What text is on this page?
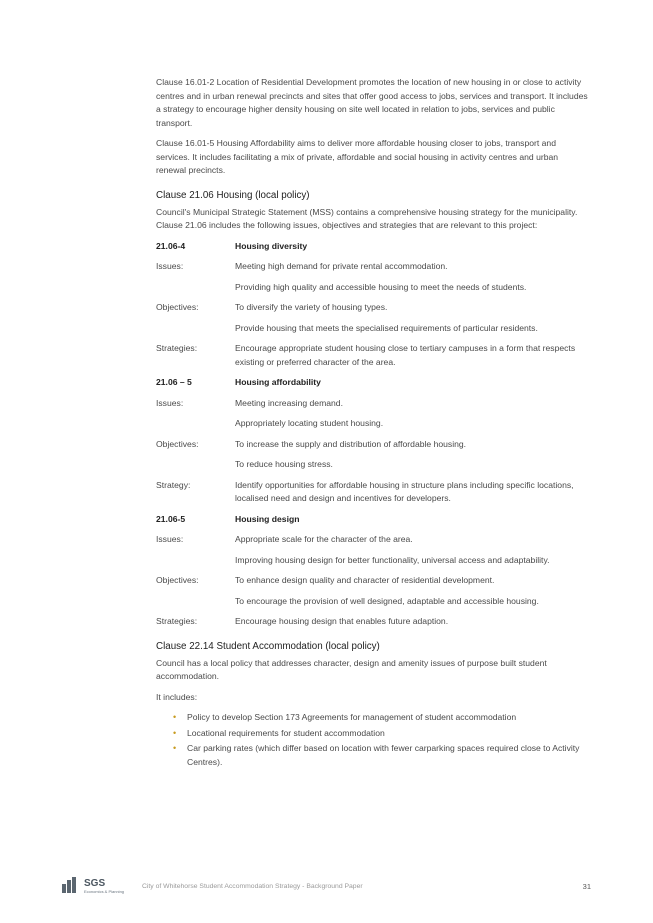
Clause 16.01-2 Location of Residential Development promotes the location of new housing in or close to activity centres and in urban renewal precincts and sites that offer good access to jobs, services and transport. It includes a strategy to encourage higher density housing on site well located in relation to jobs, services and public transport.

Clause 16.01-5 Housing Affordability aims to deliver more affordable housing closer to jobs, transport and services. It includes facilitating a mix of private, affordable and social housing in activity centres and urban renewal precincts.

Clause 21.06 Housing (local policy)

Council's Municipal Strategic Statement (MSS) contains a comprehensive housing strategy for the municipality. Clause 21.06 includes the following issues, objectives and strategies that are relevant to this project:

21.06-4	Housing diversity
Issues:	Meeting high demand for private rental accommodation.
Providing high quality and accessible housing to meet the needs of students.
Objectives:	To diversify the variety of housing types.
Provide housing that meets the specialised requirements of particular residents.
Strategies:	Encourage appropriate student housing close to tertiary campuses in a form that respects existing or preferred character of the area.
21.06 – 5	Housing affordability
Issues:	Meeting increasing demand.
Appropriately locating student housing.
Objectives:	To increase the supply and distribution of affordable housing.
To reduce housing stress.
Strategy:	Identify opportunities for affordable housing in structure plans including specific locations, localised need and design and incentives for developers.
21.06-5	Housing design
Issues:	Appropriate scale for the character of the area.
Improving housing design for better functionality, universal access and adaptability.
Objectives:	To enhance design quality and character of residential development.
To encourage the provision of well designed, adaptable and accessible housing.
Strategies:	Encourage housing design that enables future adaption.
Clause 22.14 Student Accommodation (local policy)

Council has a local policy that addresses character, design and amenity issues of purpose built student accommodation.

It includes:

• Policy to develop Section 173 Agreements for management of student accommodation
• Locational requirements for student accommodation
• Car parking rates (which differ based on location with fewer carparking spaces required close to Activity Centres).
SGS
Economics & Planning
City of Whitehorse Student Accommodation Strategy - Background Paper	31
